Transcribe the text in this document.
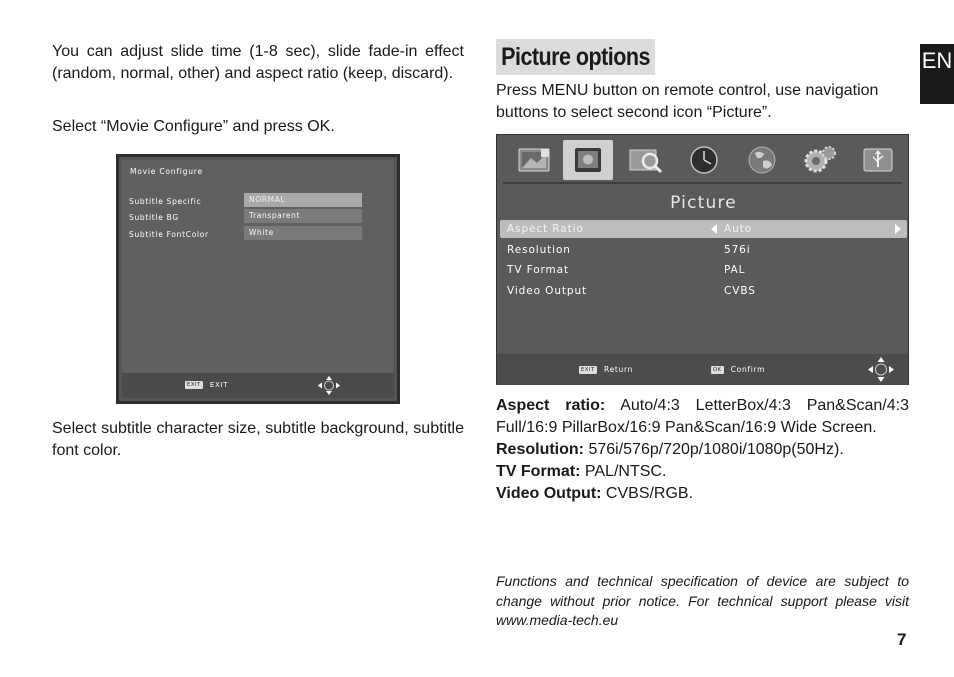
You can adjust slide time (1-8 sec), slide fade-in effect (random, normal, other) and aspect ratio (keep, discard).

Select “Movie Configure” and press OK.

Movie Configure
Subtitle Specific	NORMAL
Subtitle BG	Transparent
Subtitle FontColor	White
EXIT EXIT

Select subtitle character size, subtitle background, subtitle font color.

Picture options	EN

Press MENU button on remote control, use navigation buttons to select second icon “Picture”.

Picture
Aspect Ratio	Auto
Resolution	576i
TV Format	PAL
Video Output	CVBS
EXIT Return	OK Confirm

Aspect ratio: Auto/4:3 LetterBox/4:3 Pan&Scan/4:3 Full/16:9 PillarBox/16:9 Pan&Scan/16:9 Wide Screen.

Resolution: 576i/576p/720p/1080i/1080p(50Hz).

TV Format: PAL/NTSC.

Video Output: CVBS/RGB.

Functions and technical specification of device are subject to change without prior notice. For technical support please visit www.media-tech.eu

7
